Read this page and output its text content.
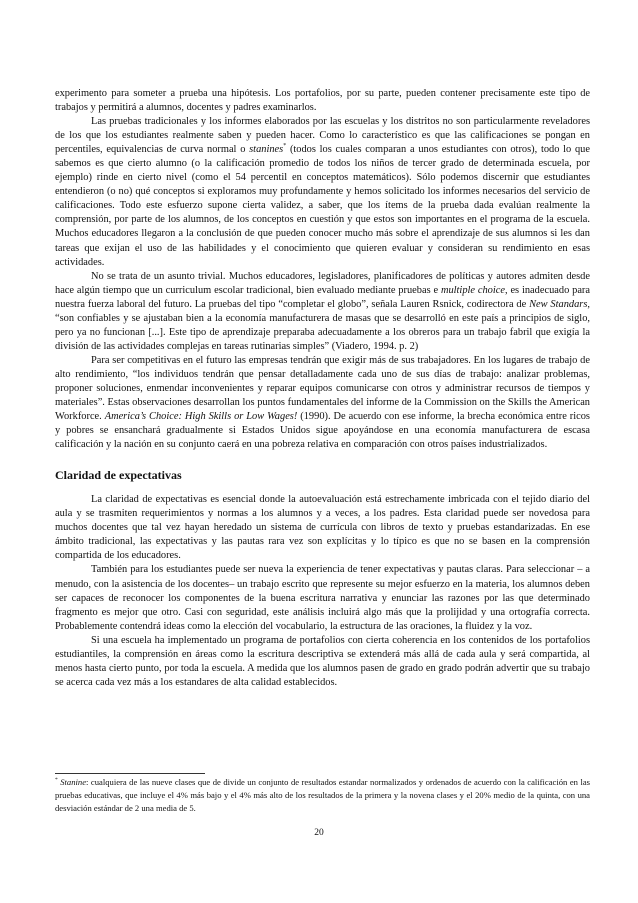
experimento para someter a prueba una hipótesis. Los portafolios, por su parte, pueden contener precisamente este tipo de trabajos y permitirá a alumnos, docentes y padres examinarlos.

Las pruebas tradicionales y los informes elaborados por las escuelas y los distritos no son particularmente reveladores de los que los estudiantes realmente saben y pueden hacer. Como lo característico es que las calificaciones se pongan en percentiles, equivalencias de curva normal o stanines* (todos los cuales comparan a unos estudiantes con otros), todo lo que sabemos es que cierto alumno (o la calificación promedio de todos los niños de tercer grado de determinada escuela, por ejemplo) rinde en cierto nivel (como el 54 percentil en conceptos matemáticos). Sólo podemos discernir que estudiantes entendieron (o no) qué conceptos si exploramos muy profundamente y hemos solicitado los informes necesarios del servicio de calificaciones. Todo este esfuerzo supone cierta validez, a saber, que los ítems de la prueba dada evalúan realmente la comprensión, por parte de los alumnos, de los conceptos en cuestión y que estos son importantes en el programa de la escuela. Muchos educadores llegaron a la conclusión de que pueden conocer mucho más sobre el aprendizaje de sus alumnos si les dan tareas que exijan el uso de las habilidades y el conocimiento que quieren evaluar y consideran su rendimiento en esas actividades.

No se trata de un asunto trivial. Muchos educadores, legisladores, planificadores de políticas y autores admiten desde hace algún tiempo que un curriculum escolar tradicional, bien evaluado mediante pruebas e multiple choice, es inadecuado para nuestra fuerza laboral del futuro. La pruebas del tipo “completar el globo”, señala Lauren Rsnick, codirectora de New Standars, “son confiables y se ajustaban bien a la economía manufacturera de masas que se desarrolló en este país a principios de siglo, pero ya no funcionan [...]. Este tipo de aprendizaje preparaba adecuadamente a los obreros para un trabajo fabril que exigía la división de las actividades complejas en tareas rutinarias simples” (Viadero, 1994. p. 2)

Para ser competitivas en el futuro las empresas tendrán que exigir más de sus trabajadores. En los lugares de trabajo de alto rendimiento, “los individuos tendrán que pensar detalladamente cada uno de sus días de trabajo: analizar problemas, proponer soluciones, enmendar inconvenientes y reparar equipos comunicarse con otros y administrar recursos de tiempos y materiales”. Estas observaciones desarrollan los puntos fundamentales del informe de la Commission on the Skills the American Workforce. America’s Choice: High Skills or Low Wages! (1990). De acuerdo con ese informe, la brecha económica entre ricos y pobres se ensanchará gradualmente si Estados Unidos sigue apoyándose en una economía manufacturera de escasa calificación y la nación en su conjunto caerá en una pobreza relativa en comparación con otros países industrializados.

Claridad de expectativas

La claridad de expectativas es esencial donde la autoevaluación está estrechamente imbricada con el tejido diario del aula y se trasmiten requerimientos y normas a los alumnos y a veces, a los padres. Esta claridad puede ser novedosa para muchos docentes que tal vez hayan heredado un sistema de currícula con libros de texto y pruebas estandarizadas. En ese ámbito tradicional, las expectativas y las pautas rara vez son explícitas y lo típico es que no se basen en la comprensión compartida de los educadores.

También para los estudiantes puede ser nueva la experiencia de tener expectativas y pautas claras. Para seleccionar – a menudo, con la asistencia de los docentes– un trabajo escrito que represente su mejor esfuerzo en la materia, los alumnos deben ser capaces de reconocer los componentes de la buena escritura narrativa y enunciar las razones por las que determinado fragmento es mejor que otro. Casi con seguridad, este análisis incluirá algo más que la prolijidad y una ortografía correcta. Probablemente contendrá ideas como la elección del vocabulario, la estructura de las oraciones, la fluidez y la voz.

Si una escuela ha implementado un programa de portafolios con cierta coherencia en los contenidos de los portafolios estudiantiles, la comprensión en áreas como la escritura descriptiva se extenderá más allá de cada aula y será compartida, al menos hasta cierto punto, por toda la escuela. A medida que los alumnos pasen de grado en grado podrán advertir que su trabajo se acerca cada vez más a los estandares de alta calidad establecidos.

* Stanine: cualquiera de las nueve clases que de divide un conjunto de resultados estandar normalizados y ordenados de acuerdo con la calificación en las pruebas educativas, que incluye el 4% más bajo y el 4% más alto de los resultados de la primera y la novena clases y el 20% medio de la quinta, con una desviación estándar de 2 una media de 5.
20
